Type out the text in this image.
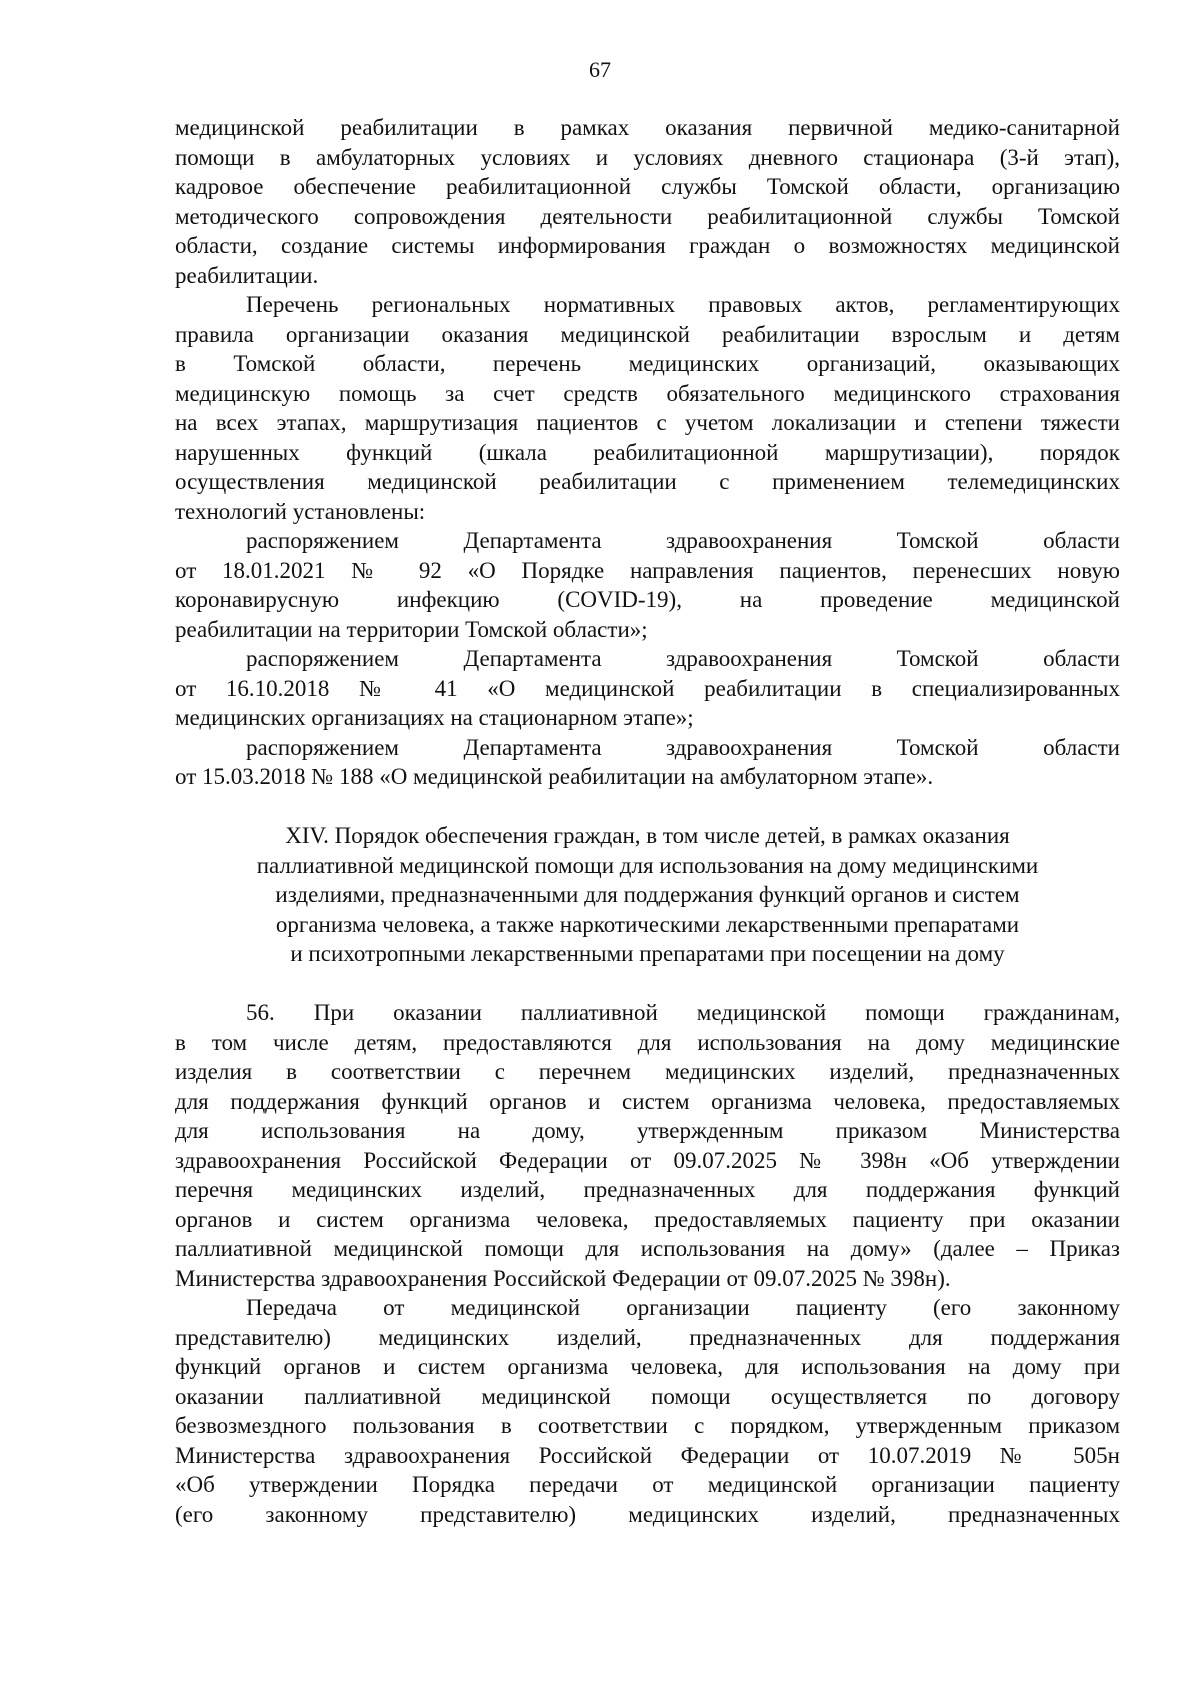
67
медицинской реабилитации в рамках оказания первичной медико-санитарной
помощи в амбулаторных условиях и условиях дневного стационара (3-й этап),
кадровое обеспечение реабилитационной службы Томской области, организацию
методического сопровождения деятельности реабилитационной службы Томской
области, создание системы информирования граждан о возможностях медицинской
реабилитации.
Перечень региональных нормативных правовых актов, регламентирующих
правила организации оказания медицинской реабилитации взрослым и детям
в Томской области, перечень медицинских организаций, оказывающих
медицинскую помощь за счет средств обязательного медицинского страхования
на всех этапах, маршрутизация пациентов с учетом локализации и степени тяжести
нарушенных функций (шкала реабилитационной маршрутизации), порядок
осуществления медицинской реабилитации с применением телемедицинских
технологий установлены:
распоряжением Департамента здравоохранения Томской области
от 18.01.2021 № 92 «О Порядке направления пациентов, перенесших новую
коронавирусную инфекцию (COVID-19), на проведение медицинской
реабилитации на территории Томской области»;
распоряжением Департамента здравоохранения Томской области
от 16.10.2018 № 41 «О медицинской реабилитации в специализированных
медицинских организациях на стационарном этапе»;
распоряжением Департамента здравоохранения Томской области
от 15.03.2018 № 188 «О медицинской реабилитации на амбулаторном этапе».
XIV. Порядок обеспечения граждан, в том числе детей, в рамках оказания
паллиативной медицинской помощи для использования на дому медицинскими
изделиями, предназначенными для поддержания функций органов и систем
организма человека, а также наркотическими лекарственными препаратами
и психотропными лекарственными препаратами при посещении на дому
56. При оказании паллиативной медицинской помощи гражданинам,
в том числе детям, предоставляются для использования на дому медицинские
изделия в соответствии с перечнем медицинских изделий, предназначенных
для поддержания функций органов и систем организма человека, предоставляемых
для использования на дому, утвержденным приказом Министерства
здравоохранения Российской Федерации от 09.07.2025 № 398н «Об утверждении
перечня медицинских изделий, предназначенных для поддержания функций
органов и систем организма человека, предоставляемых пациенту при оказании
паллиативной медицинской помощи для использования на дому» (далее – Приказ
Министерства здравоохранения Российской Федерации от 09.07.2025 № 398н).
Передача от медицинской организации пациенту (его законному
представителю) медицинских изделий, предназначенных для поддержания
функций органов и систем организма человека, для использования на дому при
оказании паллиативной медицинской помощи осуществляется по договору
безвозмездного пользования в соответствии с порядком, утвержденным приказом
Министерства здравоохранения Российской Федерации от 10.07.2019 № 505н
«Об утверждении Порядка передачи от медицинской организации пациенту
(его законному представителю) медицинских изделий, предназначенных
